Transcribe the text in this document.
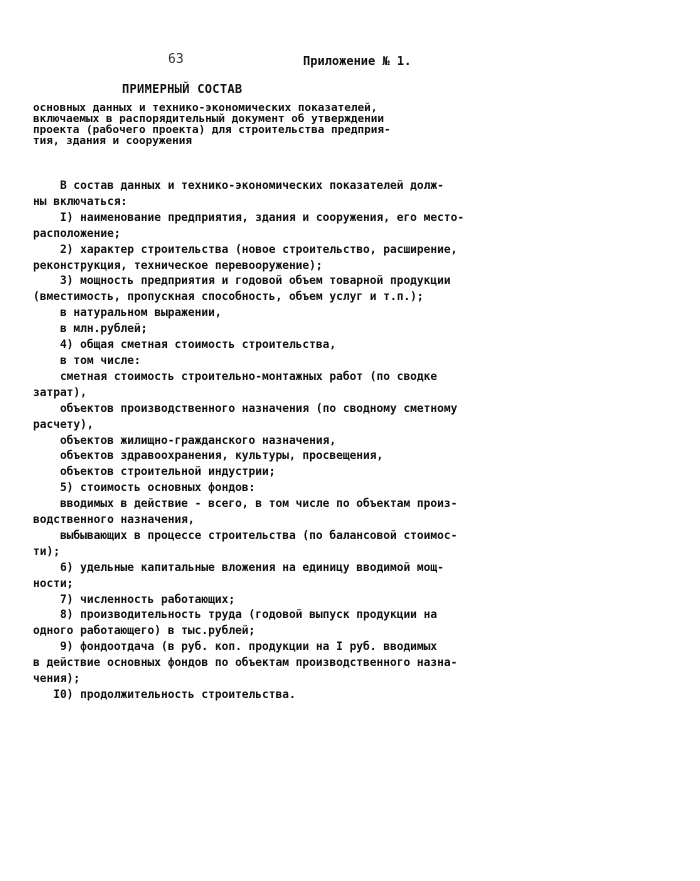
63	Приложение № 1.
ПРИМЕРНЫЙ СОСТАВ
основных данных и технико-экономических показателей,
включаемых в распорядительный документ об утверждении
проекта (рабочего проекта) для строительства предприя-
тия, здания и сооружения
В состав данных и технико-экономических показателей долж-
ны включаться:
I) наименование предприятия, здания и сооружения, его место-
расположение;
2) характер строительства (новое строительство, расширение,
реконструкция, техническое перевооружение);
3) мощность предприятия и годовой объем товарной продукции
(вместимость, пропускная способность, объем услуг и т.п.);
в натуральном выражении,
в млн.рублей;
4) общая сметная стоимость строительства,
в том числе:
сметная стоимость строительно-монтажных работ (по сводке
затрат),
объектов производственного назначения (по сводному сметному
расчету),
объектов жилищно-гражданского назначения,
объектов здравоохранения, культуры, просвещения,
объектов строительной индустрии;
5) стоимость основных фондов:
вводимых в действие - всего, в том числе по объектам произ-
водственного назначения,
выбывающих в процессе строительства (по балансовой стоимос-
ти);
6) удельные капитальные вложения на единицу вводимой мощ-
ности;
7) численность работающих;
8) производительность труда (годовой выпуск продукции на
одного работающего) в тыс.рублей;
9) фондоотдача (в руб. коп. продукции на I руб. вводимых
в действие основных фондов по объектам производственного назна-
чения);
I0) продолжительность строительства.
